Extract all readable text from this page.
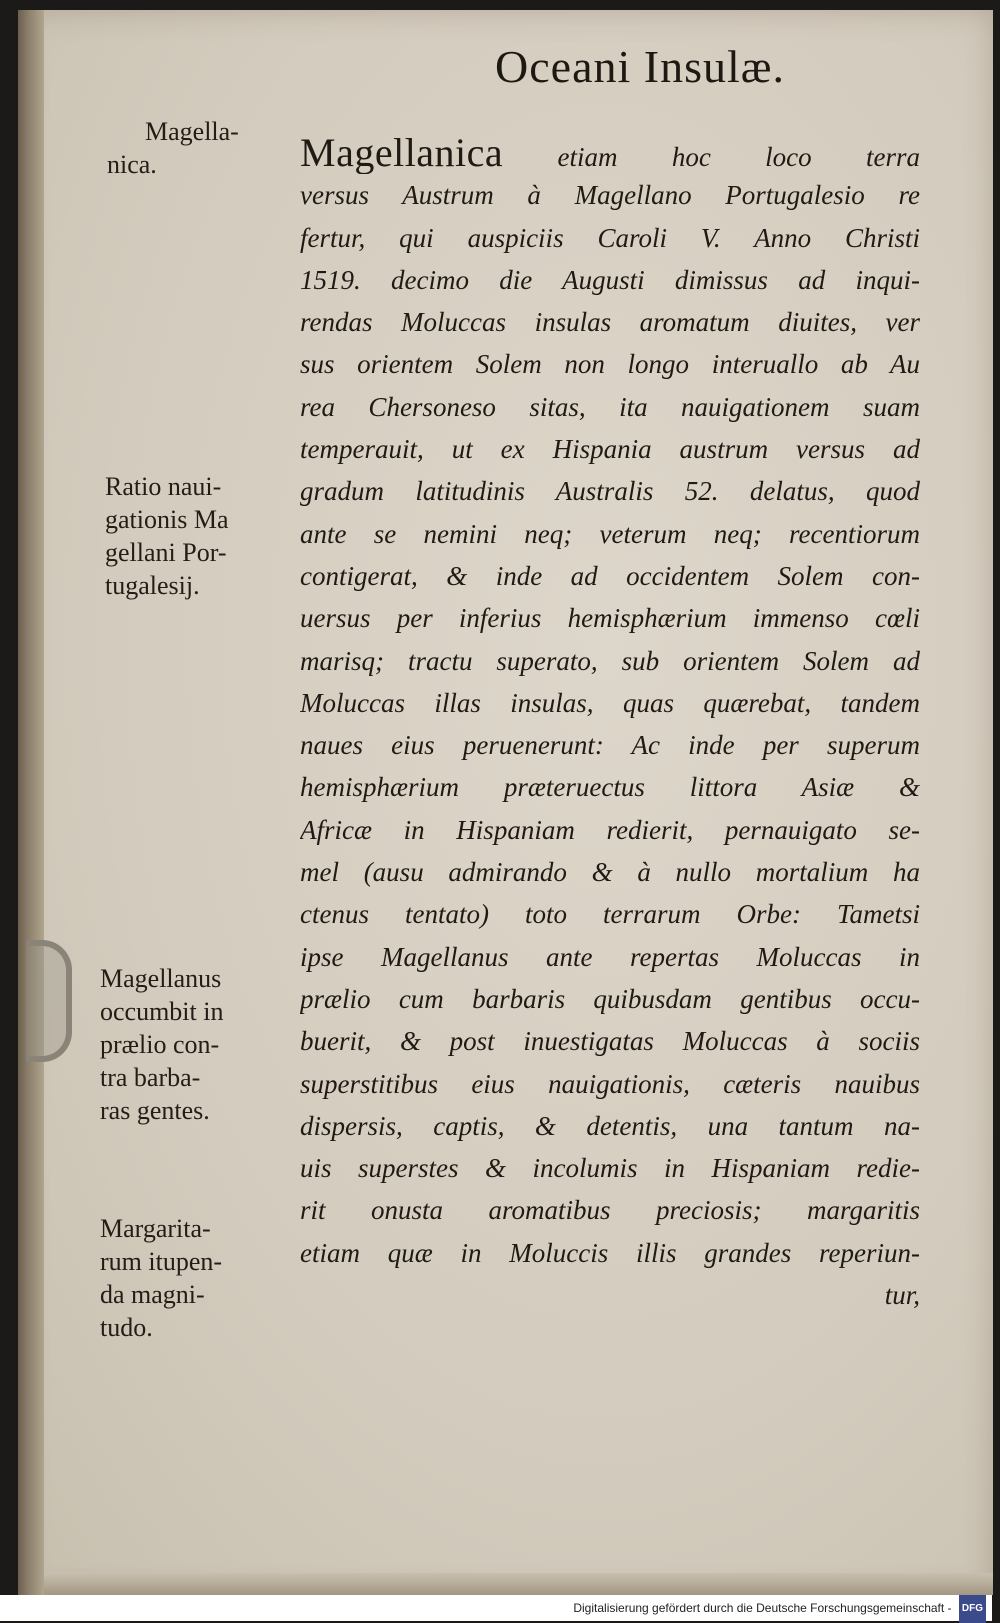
Oceani Insulæ.
Magellanica etiam hoc loco terra
versus Austrum à Magellano Portugalesio re
fertur, qui auspiciis Caroli V. Anno Christi
1519. decimo die Augusti dimissus ad inqui-
rendas Moluccas insulas aromatum diuites, ver
sus orientem Solem non longo interuallo ab Au
rea Chersoneso sitas, ita nauigationem suam
temperauit, ut ex Hispania austrum versus ad
gradum latitudinis Australis 52. delatus, quod
ante se nemini neq; veterum neq; recentiorum
contigerat, & inde ad occidentem Solem con-
uersus per inferius hemisphærium immenso cœli
marisq; tractu superato, sub orientem Solem ad
Moluccas illas insulas, quas quærebat, tandem
naues eius peruenerunt: Ac inde per superum
hemisphærium præteruectus littora Asiæ &
Africæ in Hispaniam redierit, pernauigato se-
mel (ausu admirando & à nullo mortalium ha
ctenus tentato) toto terrarum Orbe: Tametsi
ipse Magellanus ante repertas Moluccas in
prælio cum barbaris quibusdam gentibus occu-
buerit, & post inuestigatas Moluccas à sociis
superstitibus eius nauigationis, cæteris nauibus
dispersis, captis, & detentis, una tantum na-
uis superstes & incolumis in Hispaniam redie-
rit onusta aromatibus preciosis; margaritis
etiam quæ in Moluccis illis grandes reperiun-
tur,
Magella-
nica.
Ratio naui-
gationis Ma
gellani Por-
tugalesij.
Magellanus
occumbit in
prælio con-
tra barba-
ras gentes.
Margarita-
rum itupen-
da magni-
tudo.
Digitalisierung gefördert durch die Deutsche Forschungsgemeinschaft - DFG
